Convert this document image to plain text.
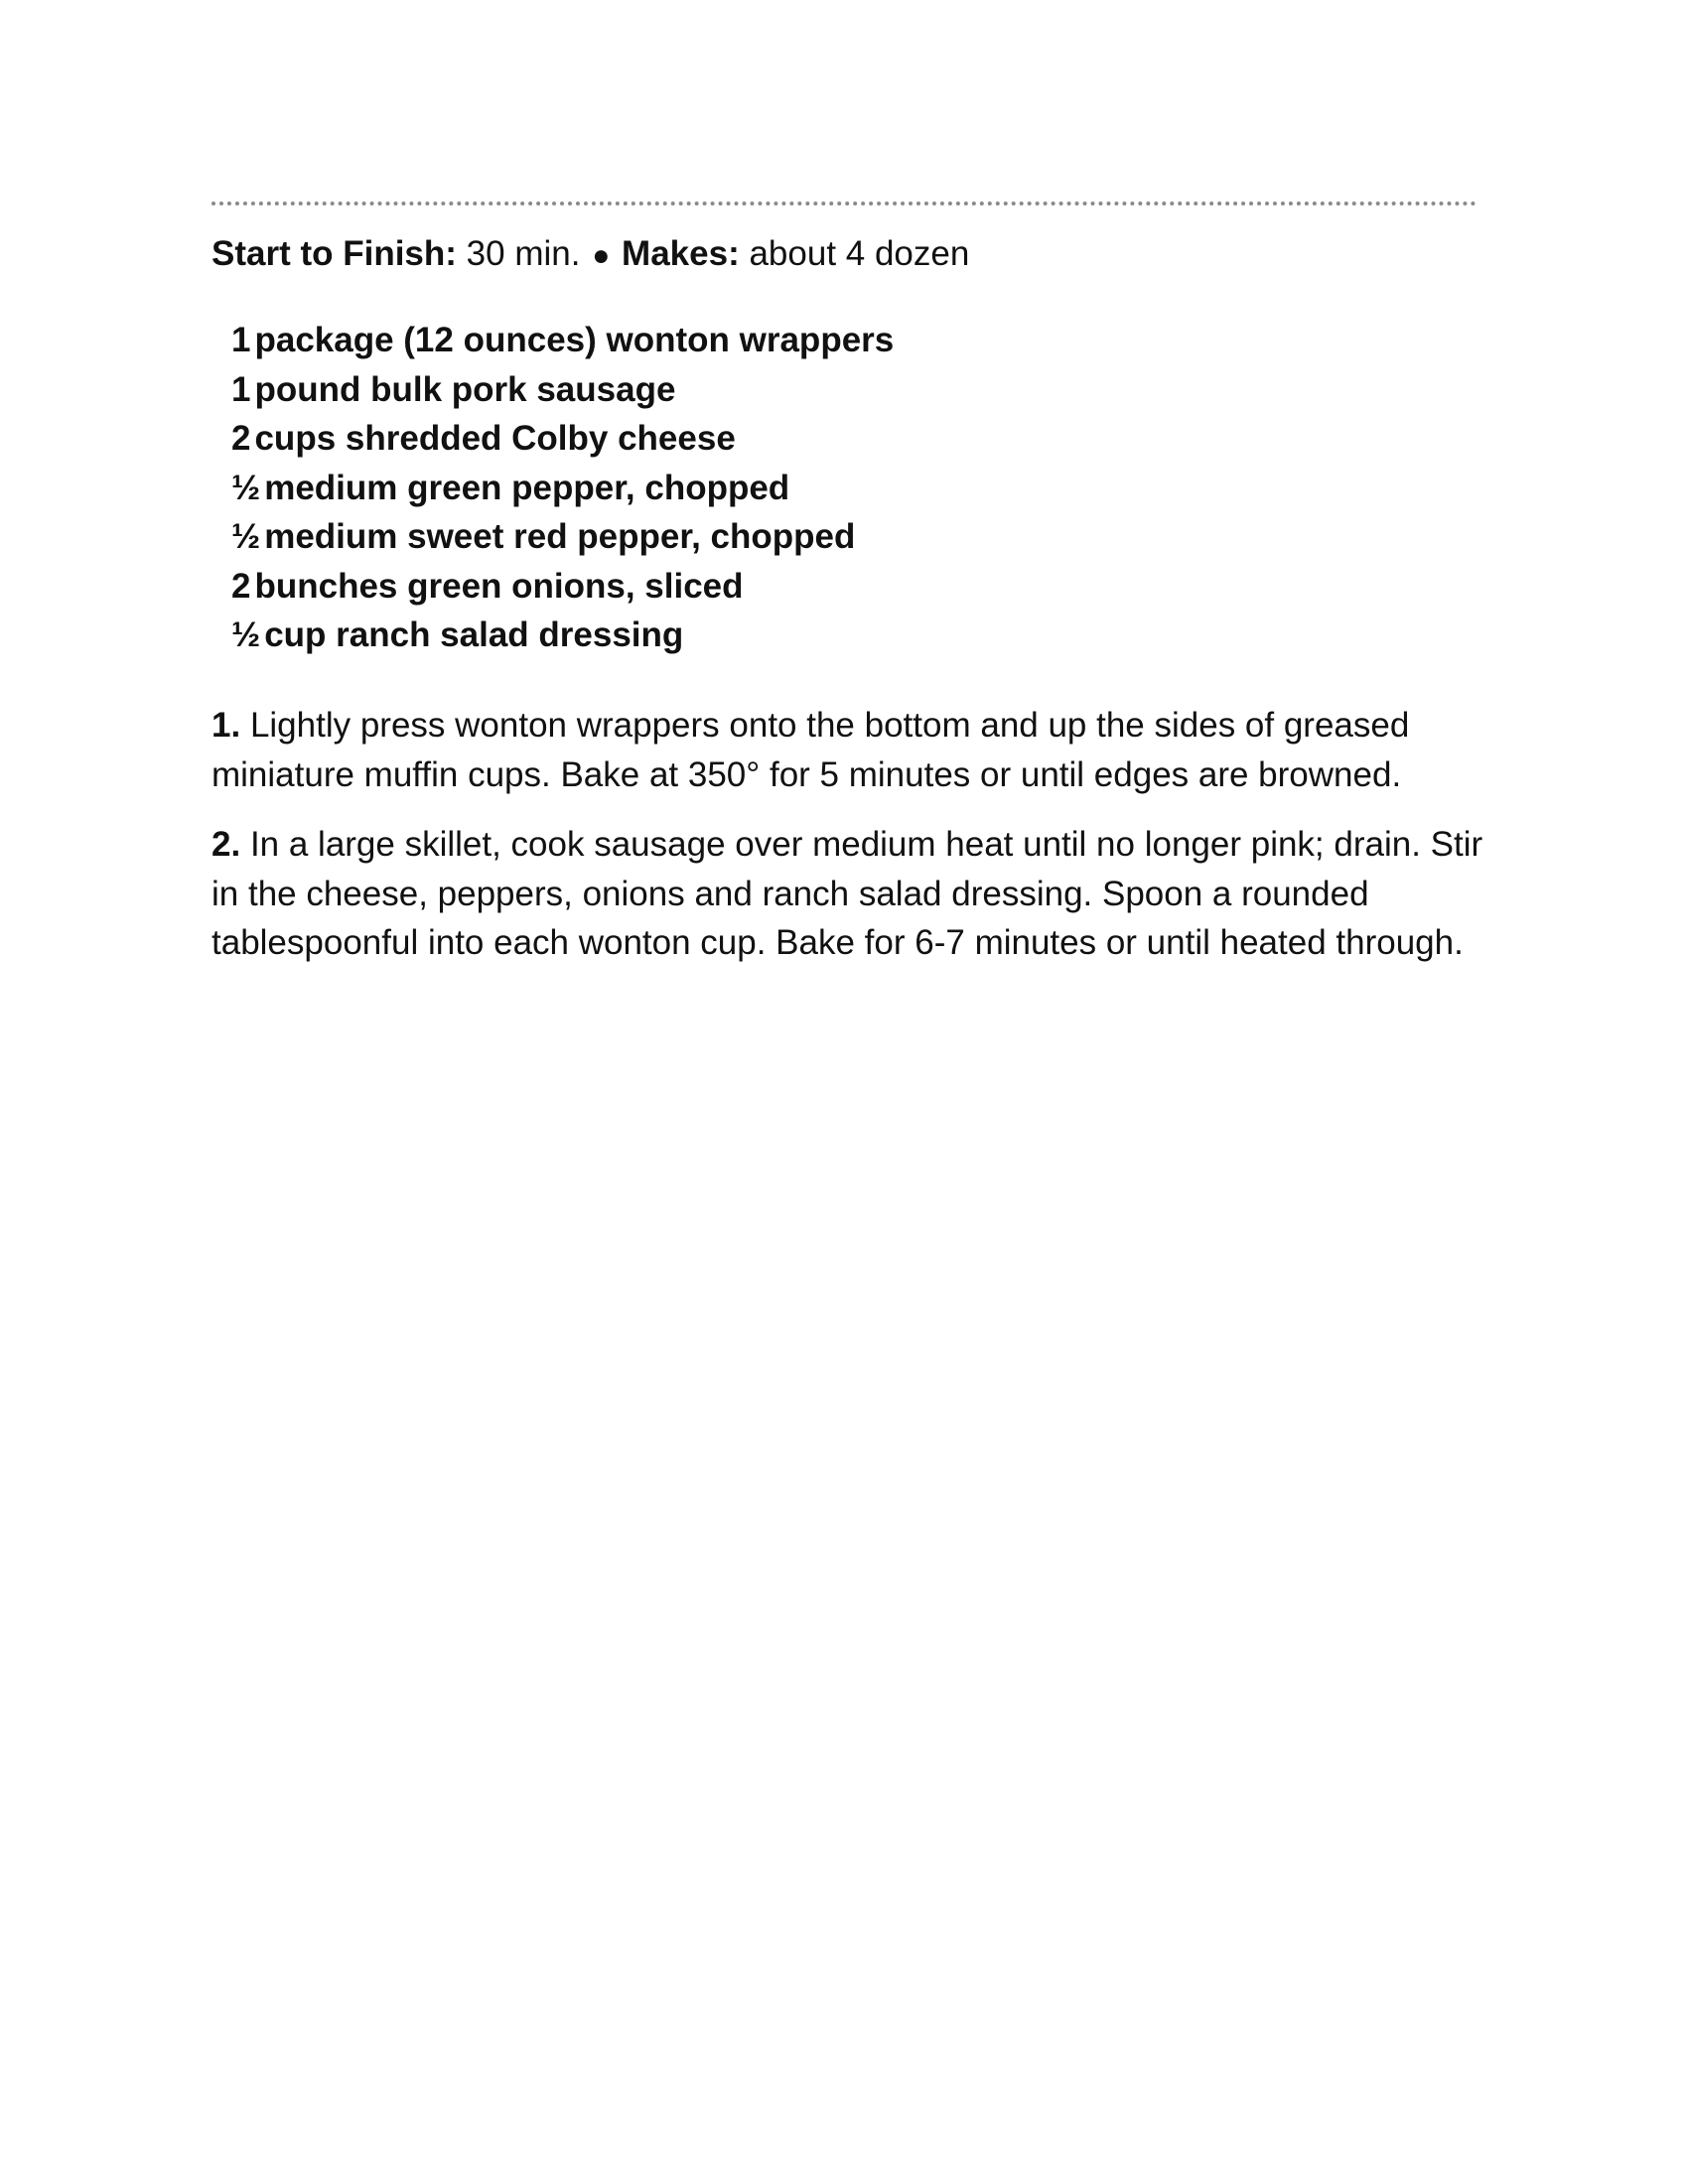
Start to Finish: 30 min. ● Makes: about 4 dozen
1 package (12 ounces) wonton wrappers
1 pound bulk pork sausage
2 cups shredded Colby cheese
½ medium green pepper, chopped
½ medium sweet red pepper, chopped
2 bunches green onions, sliced
½ cup ranch salad dressing

1. Lightly press wonton wrappers onto the bottom and up the sides of greased miniature muffin cups. Bake at 350° for 5 minutes or until edges are browned.

2. In a large skillet, cook sausage over medium heat until no longer pink; drain. Stir in the cheese, peppers, onions and ranch salad dressing. Spoon a rounded tablespoonful into each wonton cup. Bake for 6-7 minutes or until heated through.
